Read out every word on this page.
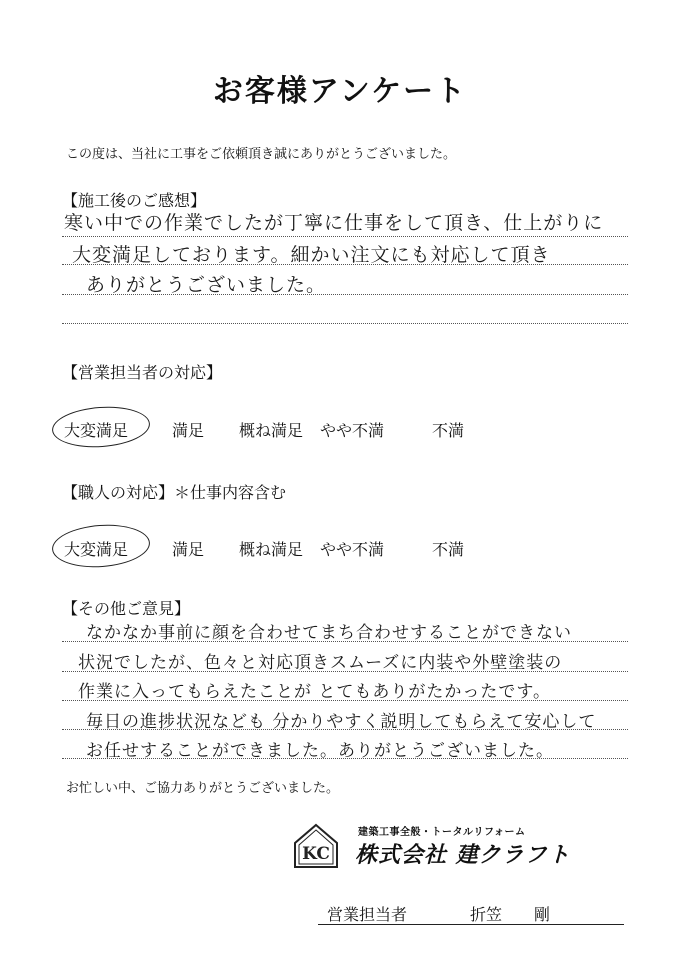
お客様アンケート
この度は、当社に工事をご依頼頂き誠にありがとうございました。
【施工後のご感想】
寒い中での作業でしたが丁寧に仕事をして頂き、仕上がりに
大変満足しております。細かい注文にも対応して頂き
ありがとうございました。
【営業担当者の対応】
大変満足	満足 概ね満足 やや不満	不満
【職人の対応】＊仕事内容含む
大変満足	満足 概ね満足 やや不満	不満
【その他ご意見】
なかなか事前に顔を合わせてまち合わせすることができない
状況でしたが、色々と対応頂きスムーズに内装や外壁塗装の
作業に入ってもらえたことが とてもありがたかったです。
毎日の進捗状況なども 分かりやすく説明してもらえて安心して
お任せすることができました。ありがとうございました。
お忙しい中、ご協力ありがとうございました。
KC
建築工事全般・トータルリフォーム
株式会社 建クラフト
営業担当者	折笠　　剛
